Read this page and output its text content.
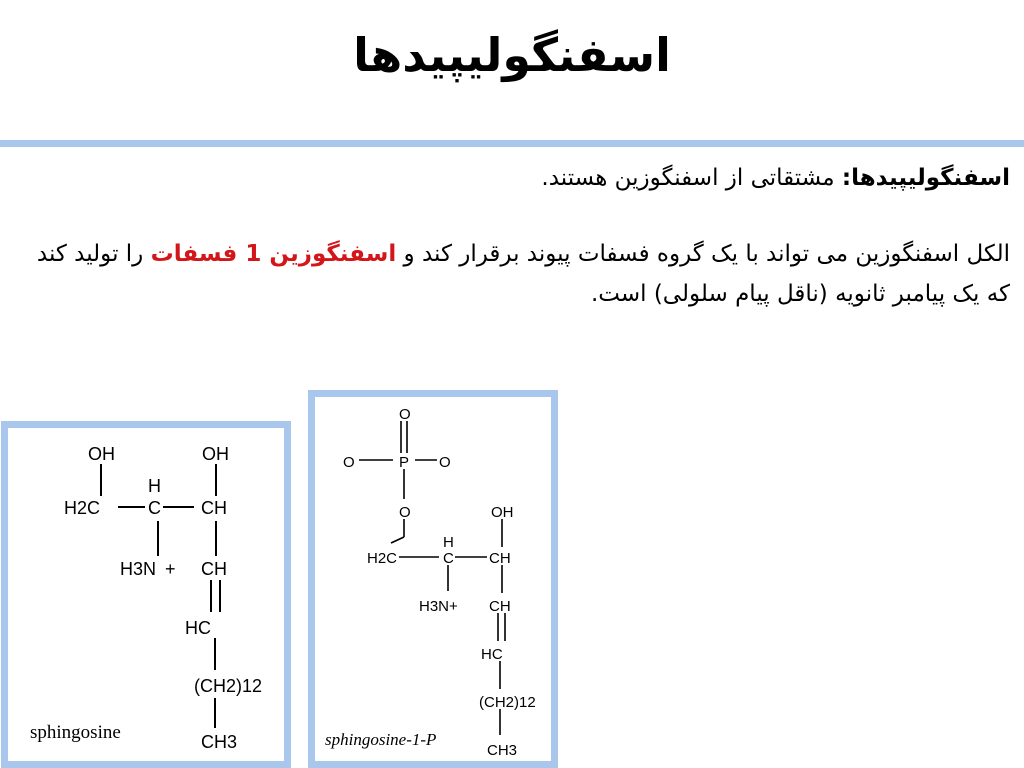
اسفنگولیپیدها
اسفنگولیپیدها: مشتقاتی از اسفنگوزین هستند.
الکل اسفنگوزین می تواند با یک گروه فسفات پیوند برقرار کند و اسفنگوزین 1 فسفات را تولید کند که یک پیامبر ثانویه (ناقل پیام سلولی) است.
OH	OH
H
H2C	C CH
H3N + CH
HC
(CH2)12
CH3
sphingosine
O
O	P O
O	OH
H
H2C	C CH
H3N+ CH
HC
(CH2)12
CH3
sphingosine-1-P
